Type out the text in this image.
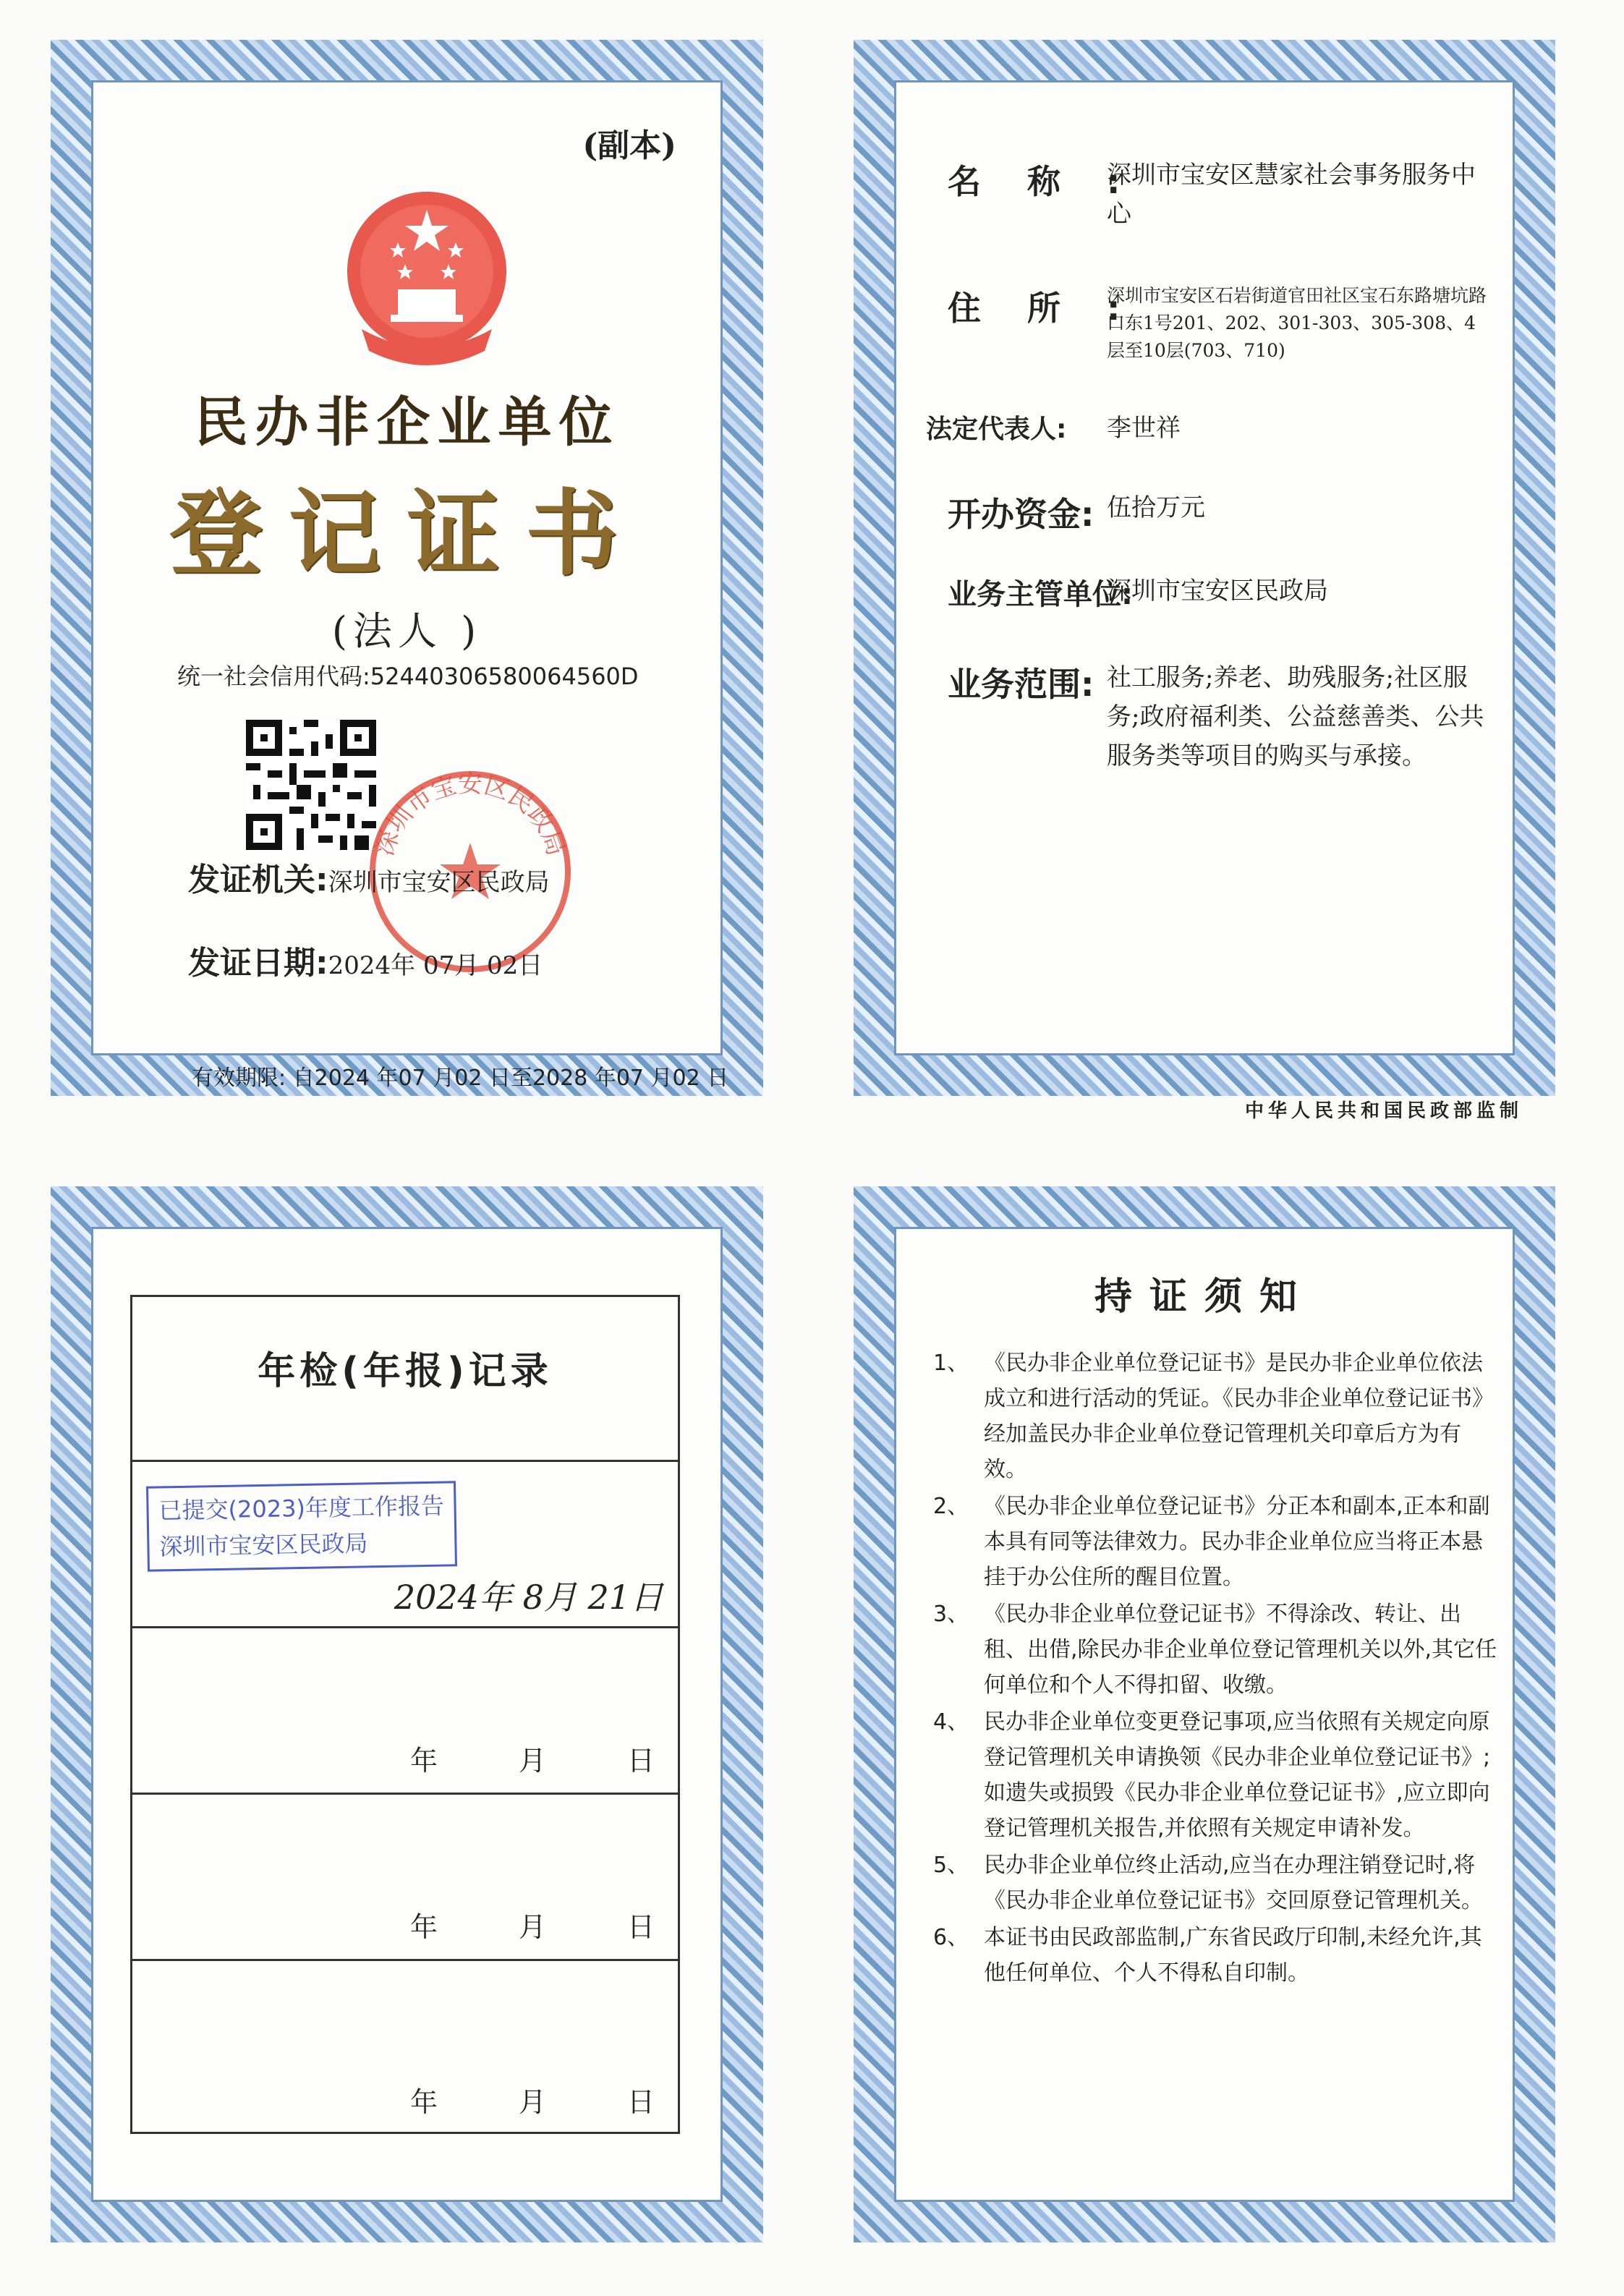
(副本)
民办非企业单位
登记证书
(法人 )
统一社会信用代码:52440306580064560D
深圳市宝安区民政局
发证机关:深圳市宝安区民政局
发证日期:2024年 07月 02日
有效期限: 自2024 年07 月02 日至2028 年07 月02 日
名称:
深圳市宝安区慧家社会事务服务中心
住所:
深圳市宝安区石岩街道官田社区宝石东路塘坑路口东1号201、202、301-303、305-308、4层至10层(703、710)
法定代表人:	李世祥
开办资金: 伍拾万元
业务主管单位:
深圳市宝安区民政局
业务范围: 社工服务;养老、助残服务;社区服务;政府福利类、公益慈善类、公共服务类等项目的购买与承接。
中华人民共和国民政部监制
年检(年报)记录
已提交(2023)年度工作报告
深圳市宝安区民政局
2024年 8月 21日
年	月	日
年	月	日
年	月	日
持证须知
1、 《民办非企业单位登记证书》是民办非企业单位依法成立和进行活动的凭证。《民办非企业单位登记证书》经加盖民办非企业单位登记管理机关印章后方为有效。
2、 《民办非企业单位登记证书》分正本和副本,正本和副本具有同等法律效力。民办非企业单位应当将正本悬挂于办公住所的醒目位置。
3、 《民办非企业单位登记证书》不得涂改、转让、出租、出借,除民办非企业单位登记管理机关以外,其它任何单位和个人不得扣留、收缴。
4、 民办非企业单位变更登记事项,应当依照有关规定向原登记管理机关申请换领《民办非企业单位登记证书》;如遗失或损毁《民办非企业单位登记证书》,应立即向登记管理机关报告,并依照有关规定申请补发。
5、 民办非企业单位终止活动,应当在办理注销登记时,将《民办非企业单位登记证书》交回原登记管理机关。
6、 本证书由民政部监制,广东省民政厅印制,未经允许,其他任何单位、个人不得私自印制。
